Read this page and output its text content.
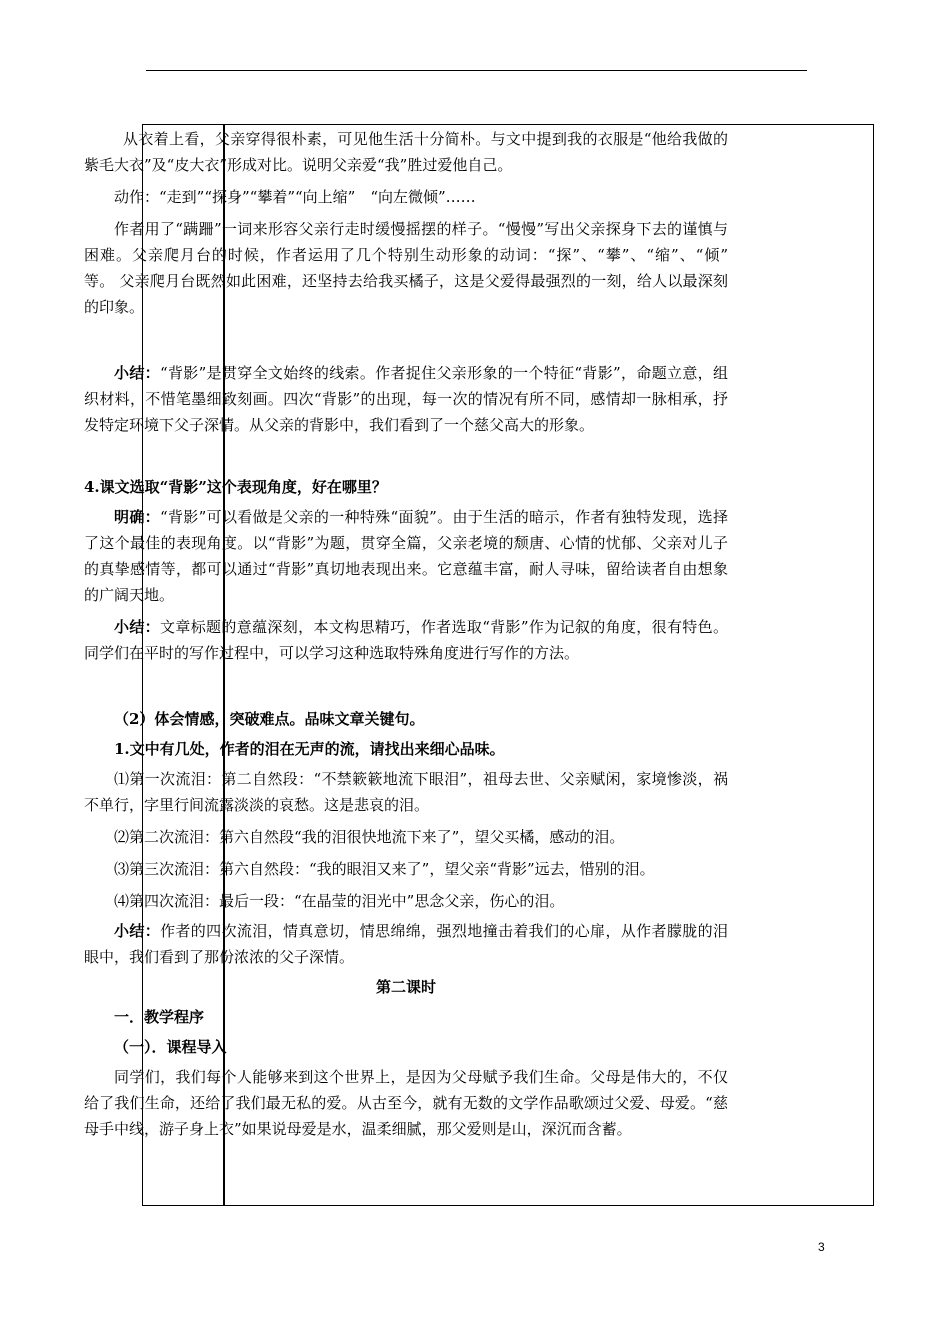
从衣着上看，父亲穿得很朴素，可见他生活十分简朴。与文中提到我的衣服是“他给我做的紫毛大衣”及“皮大衣”形成对比。说明父亲爱“我”胜过爱他自己。

动作：“走到”“探身”“攀着”“向上缩”　“向左微倾”……

作者用了“蹒跚”一词来形容父亲行走时缓慢摇摆的样子。“慢慢”写出父亲探身下去的谨慎与困难。父亲爬月台的时候，作者运用了几个特别生动形象的动词：“探”、“攀”、“缩”、“倾”　等。 父亲爬月台既然如此困难，还坚持去给我买橘子，这是父爱得最强烈的一刻，给人以最深刻的印象。

小结：“背影”是贯穿全文始终的线索。作者捉住父亲形象的一个特征“背影”，命题立意，组织材料，不惜笔墨细致刻画。四次“背影”的出现，每一次的情况有所不同，感情却一脉相承，抒发特定环境下父子深情。从父亲的背影中，我们看到了一个慈父高大的形象。

4.课文选取“背影”这个表现角度，好在哪里？

明确：“背影”可以看做是父亲的一种特殊“面貌”。由于生活的暗示，作者有独特发现，选择了这个最佳的表现角度。以“背影”为题，贯穿全篇，父亲老境的颓唐、心情的忧郁、父亲对儿子的真挚感情等，都可以通过“背影”真切地表现出来。它意蕴丰富，耐人寻味，留给读者自由想象的广阔天地。

小结：文章标题的意蕴深刻，本文构思精巧，作者选取“背影”作为记叙的角度，很有特色。同学们在平时的写作过程中，可以学习这种选取特殊角度进行写作的方法。

（2）体会情感，突破难点。品味文章关键句。

1.文中有几处，作者的泪在无声的流，请找出来细心品味。

⑴第一次流泪：第二自然段：“不禁簌簌地流下眼泪”，祖母去世、父亲赋闲，家境惨淡，祸不单行，字里行间流露淡淡的哀愁。这是悲哀的泪。

⑵第二次流泪：第六自然段“我的泪很快地流下来了”，望父买橘，感动的泪。

⑶第三次流泪：第六自然段：“我的眼泪又来了”，望父亲“背影”远去，惜别的泪。

⑷第四次流泪：最后一段：“在晶莹的泪光中”思念父亲，伤心的泪。

小结：作者的四次流泪，情真意切，情思绵绵，强烈地撞击着我们的心扉，从作者朦胧的泪眼中，我们看到了那份浓浓的父子深情。

第二课时

一．教学程序

（一）．课程导入

同学们，我们每个人能够来到这个世界上，是因为父母赋予我们生命。父母是伟大的，不仅给了我们生命，还给了我们最无私的爱。从古至今，就有无数的文学作品歌颂过父爱、母爱。“慈母手中线，游子身上衣”如果说母爱是水，温柔细腻，那父爱则是山，深沉而含蓄。

3
